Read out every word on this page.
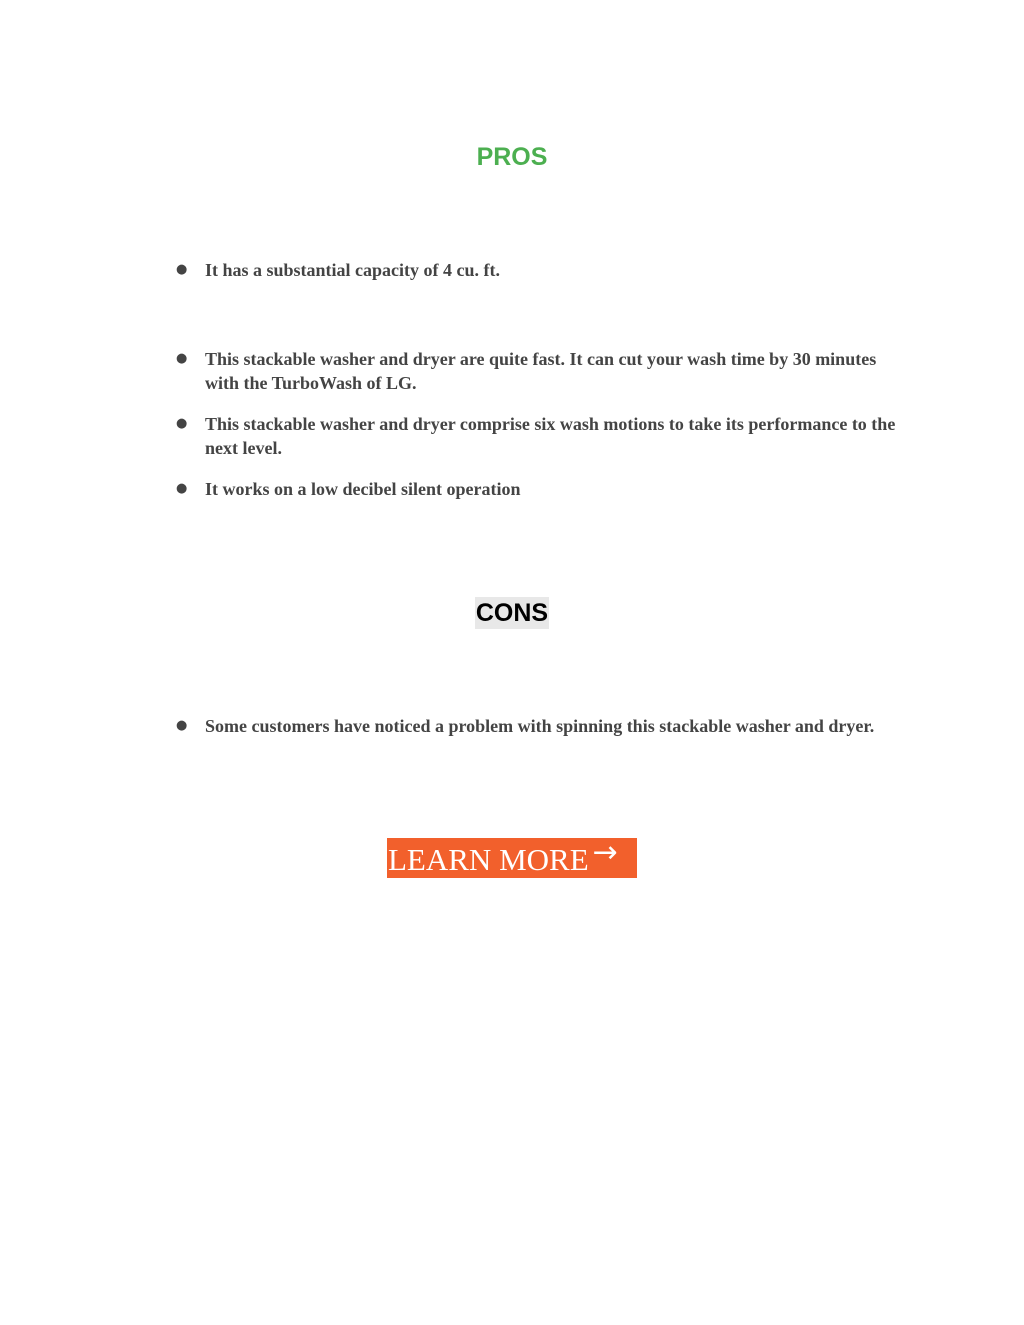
PROS
● It has a substantial capacity of 4 cu. ft.
● This stackable washer and dryer are quite fast. It can cut your wash time by 30 minutes with the TurboWash of LG.
● This stackable washer and dryer comprise six wash motions to take its performance to the next level.
● It works on a low decibel silent operation
CONS
● Some customers have noticed a problem with spinning this stackable washer and dryer.
LEARN MORE →
